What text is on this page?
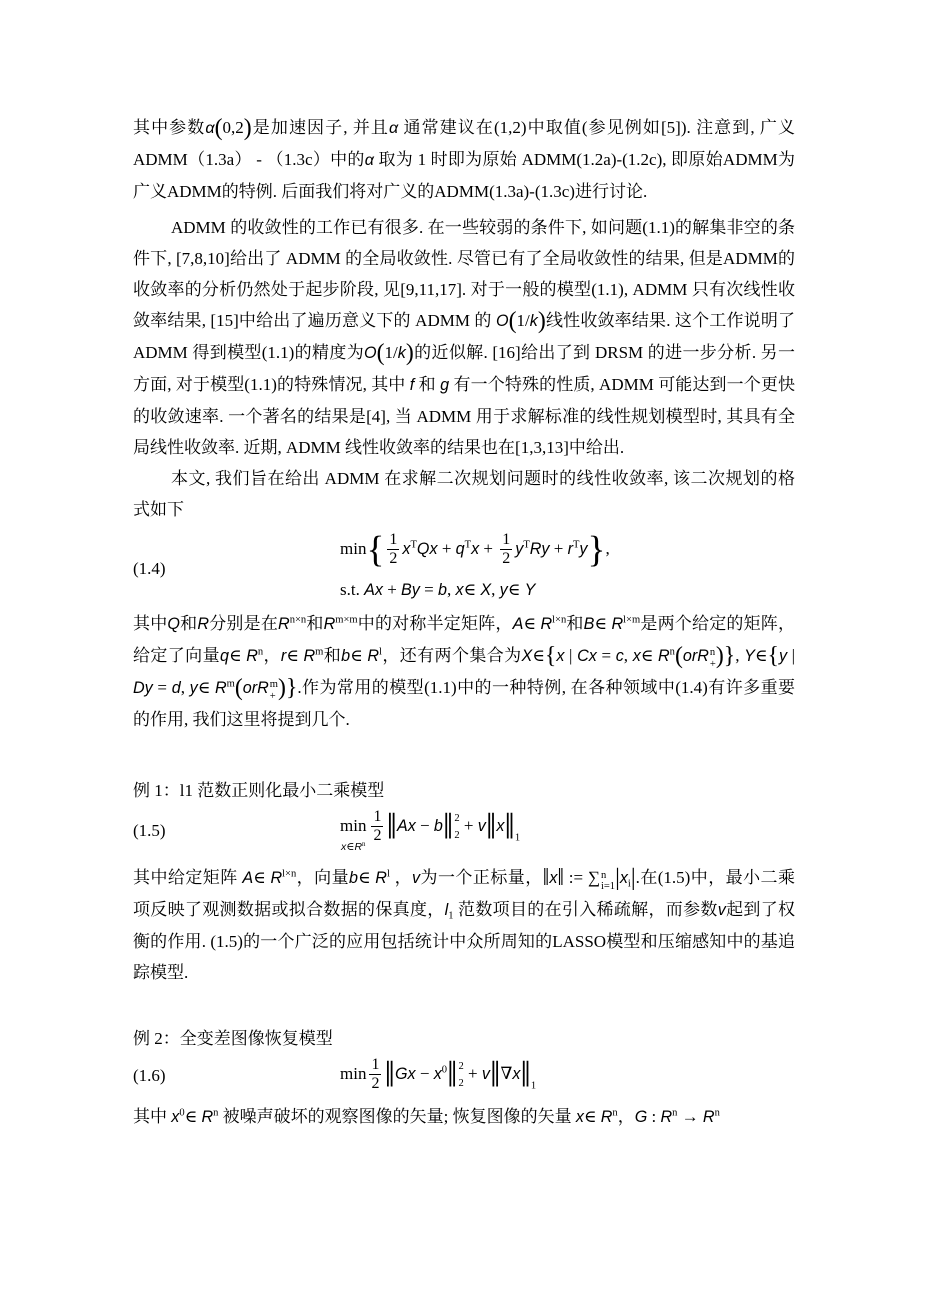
其中参数α(0,2)是加速因子, 并且α 通常建议在(1,2)中取值(参见例如[5]). 注意到, 广义 ADMM（1.3a） - （1.3c）中的α 取为 1 时即为原始 ADMM(1.2a)-(1.2c), 即原始ADMM为广义ADMM的特例. 后面我们将对广义的ADMM(1.3a)-(1.3c)进行讨论.

ADMM 的收敛性的工作已有很多. 在一些较弱的条件下, 如问题(1.1)的解集非空的条件下, [7,8,10]给出了 ADMM 的全局收敛性. 尽管已有了全局收敛性的结果, 但是ADMM的收敛率的分析仍然处于起步阶段, 见[9,11,17]. 对于一般的模型(1.1), ADMM 只有次线性收敛率结果, [15]中给出了遍历意义下的 ADMM 的 O(1/k)线性收敛率结果. 这个工作说明了 ADMM 得到模型(1.1)的精度为O(1/k)的近似解. [16]给出了到 DRSM 的进一步分析. 另一方面, 对于模型(1.1)的特殊情况, 其中 f 和 g 有一个特殊的性质, ADMM 可能达到一个更快的收敛速率. 一个著名的结果是[4], 当 ADMM 用于求解标准的线性规划模型时, 其具有全局线性收敛率. 近期, ADMM 线性收敛率的结果也在[1,3,13]中给出.

本文, 我们旨在给出 ADMM 在求解二次规划问题时的线性收敛率, 该二次规划的格式如下

(1.4)
$\min\{ \frac{1}{2} x^TQx + q^Tx + \frac{1}{2} y^TRy + r^Ty\}$,
s.t. Ax + By = b, x∈ X, y∈ Y

其中Q和R分别是在$R^{n\times n}$和$R^{m\times m}$中的对称半定矩阵，A∈ $R^{l\times n}$和B∈ $R^{l\times m}$是两个给定的矩阵，给定了向量q∈ $R^n$，r∈ $R^m$和b∈ $R^l$，还有两个集合为X∈{x | Cx = c, x∈ $R^n(orR$ n
+ )}, Y∈{y | Dy = d, y∈ $R^m(orR$ m
+ )}.作为常用的模型(1.1)中的一种特例, 在各种领域中(1.4)有许多重要的作用, 我们这里将提到几个.

例 1：l1 范数正则化最小二乘模型

(1.5)	min
$x\in R^n \frac{1}{2}$ ‖Ax − b‖ 2
2
+ $v‖x‖_1$

其中给定矩阵 A∈ $R^{l\times n}$，向量b∈ $R^l$ ，v为一个正标量，‖x‖ := ∑ n
i=1 $|x_i|$.在(1.5)中，最小二乘项反映了观测数据或拟合数据的保真度，$l_1$ 范数项目的在引入稀疏解，而参数v起到了权衡的作用. (1.5)的一个广泛的应用包括统计中众所周知的LASSO模型和压缩感知中的基追踪模型.

例 2：全变差图像恢复模型

(1.6)	$\min \frac{1}{2}$ ‖Gx − $x^0‖$ 2
2
+ $v‖\nabla x‖_1$

其中 $x^0\in$ $R^n$ 被噪声破坏的观察图像的矢量; 恢复图像的矢量 x∈ $R^n$，G : $R^n \to R^n$
